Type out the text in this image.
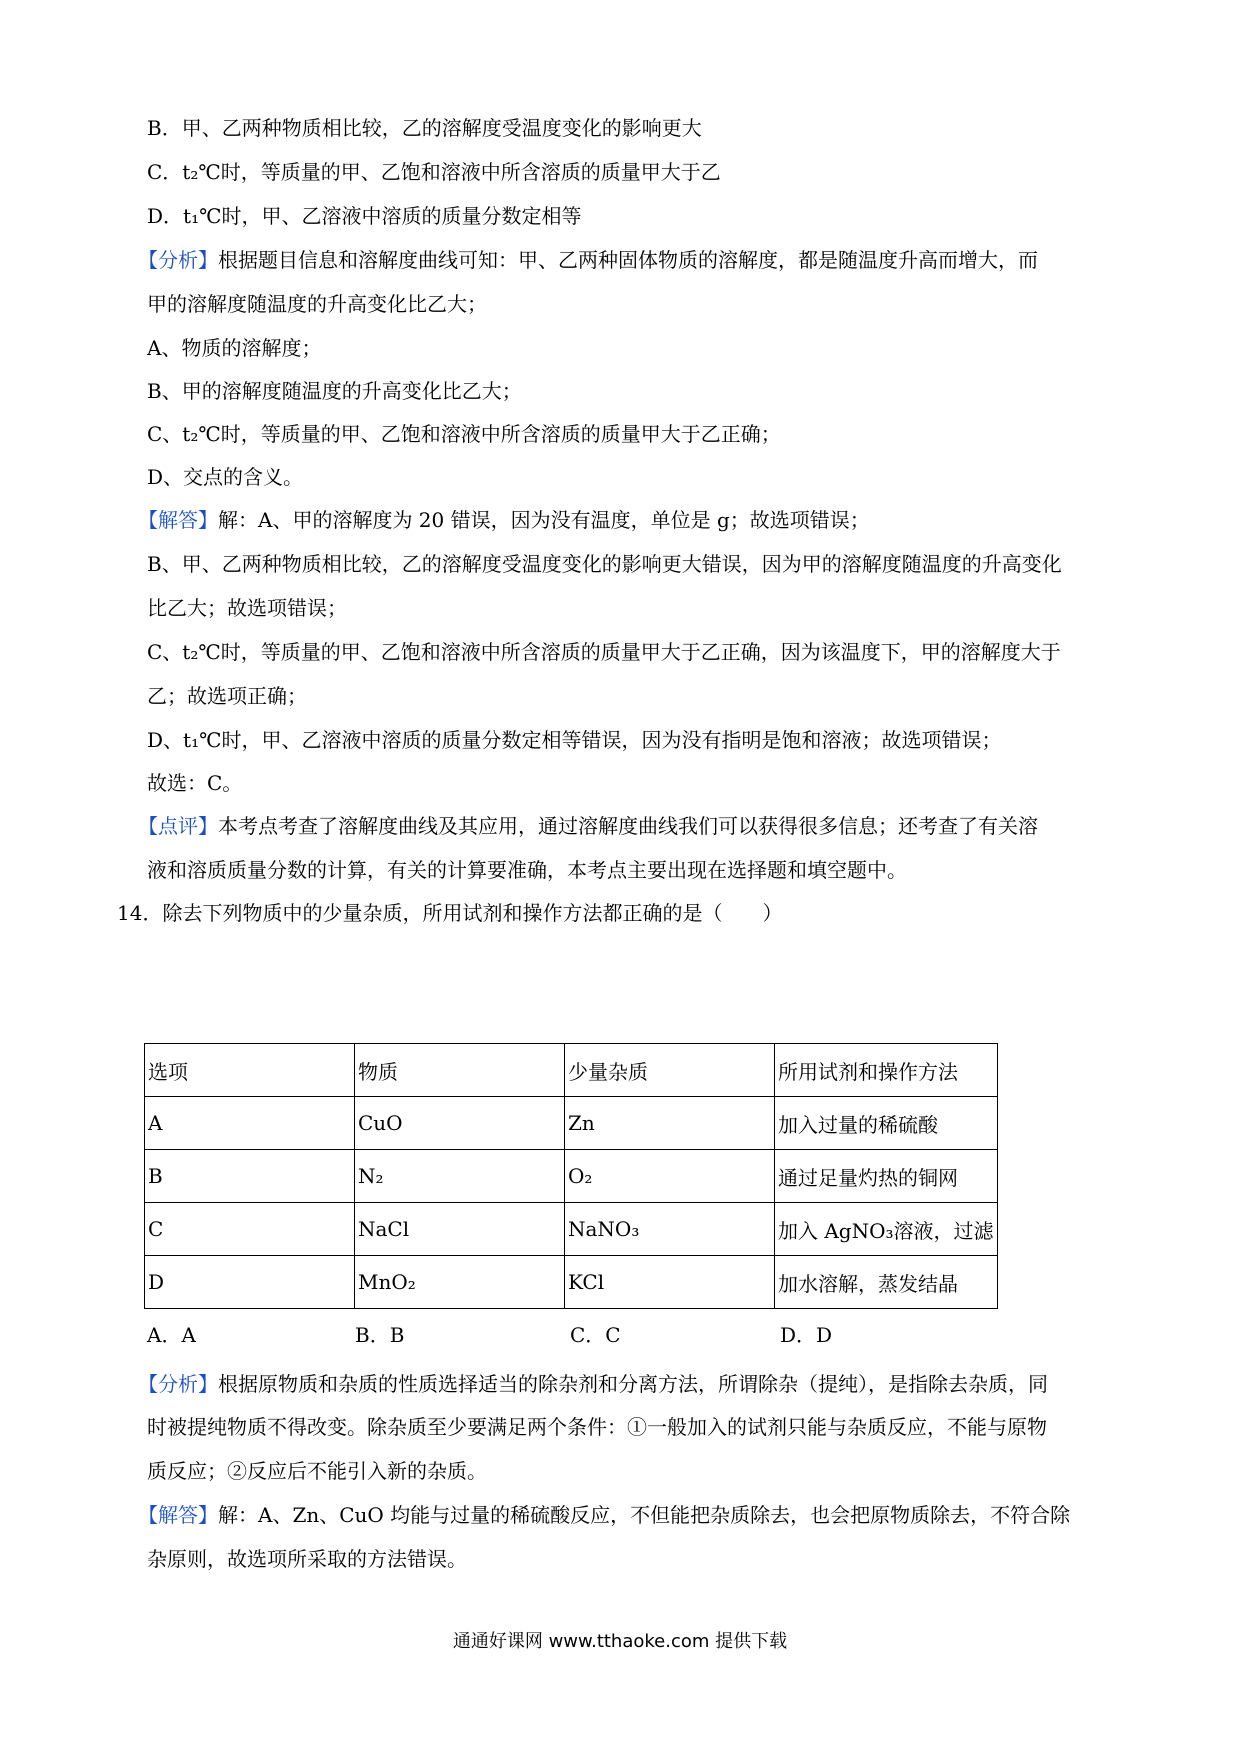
B．甲、乙两种物质相比较，乙的溶解度受温度变化的影响更大
C．t₂℃时，等质量的甲、乙饱和溶液中所含溶质的质量甲大于乙
D．t₁℃时，甲、乙溶液中溶质的质量分数定相等
【分析】根据题目信息和溶解度曲线可知：甲、乙两种固体物质的溶解度，都是随温度升高而增大，而
甲的溶解度随温度的升高变化比乙大；
A、物质的溶解度；
B、甲的溶解度随温度的升高变化比乙大；
C、t₂℃时，等质量的甲、乙饱和溶液中所含溶质的质量甲大于乙正确；
D、交点的含义。
【解答】解：A、甲的溶解度为 20 错误，因为没有温度，单位是 g；故选项错误；
B、甲、乙两种物质相比较，乙的溶解度受温度变化的影响更大错误，因为甲的溶解度随温度的升高变化
比乙大；故选项错误；
C、t₂℃时，等质量的甲、乙饱和溶液中所含溶质的质量甲大于乙正确，因为该温度下，甲的溶解度大于
乙；故选项正确；
D、t₁℃时，甲、乙溶液中溶质的质量分数定相等错误，因为没有指明是饱和溶液；故选项错误；
故选：C。
【点评】本考点考查了溶解度曲线及其应用，通过溶解度曲线我们可以获得很多信息；还考查了有关溶
液和溶质质量分数的计算，有关的计算要准确，本考点主要出现在选择题和填空题中。
14．除去下列物质中的少量杂质，所用试剂和操作方法都正确的是（　　）
选项	物质	少量杂质	所用试剂和操作方法
A	CuO	Zn	加入过量的稀硫酸
B	N₂	O₂	通过足量灼热的铜网
C	NaCl	NaNO₃	加入 AgNO₃溶液，过滤
D	MnO₂	KCl	加水溶解，蒸发结晶
A．A	B．B	C．C	D．D
【分析】根据原物质和杂质的性质选择适当的除杂剂和分离方法，所谓除杂（提纯），是指除去杂质，同
时被提纯物质不得改变。除杂质至少要满足两个条件：①一般加入的试剂只能与杂质反应，不能与原物
质反应；②反应后不能引入新的杂质。
【解答】解：A、Zn、CuO 均能与过量的稀硫酸反应，不但能把杂质除去，也会把原物质除去，不符合除
杂原则，故选项所采取的方法错误。
通通好课网 www.tthaoke.com 提供下载
